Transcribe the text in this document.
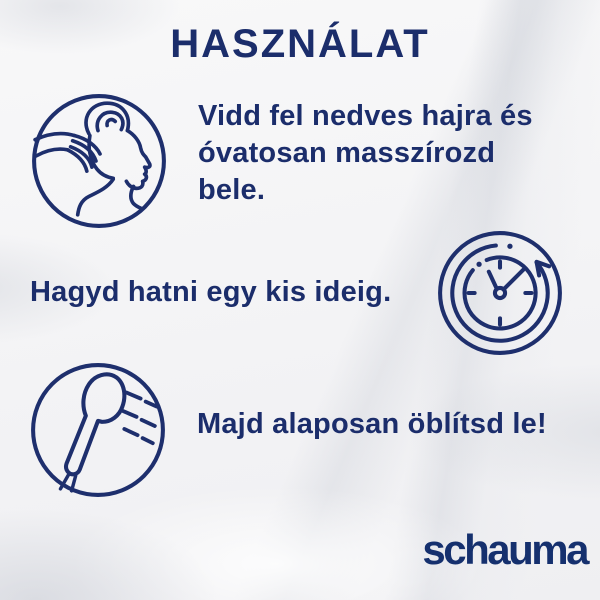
HASZNÁLAT
Vidd fel nedves hajra és
óvatosan masszírozd
bele.
Hagyd hatni egy kis ideig.
Majd alaposan öblítsd le!

schauma
